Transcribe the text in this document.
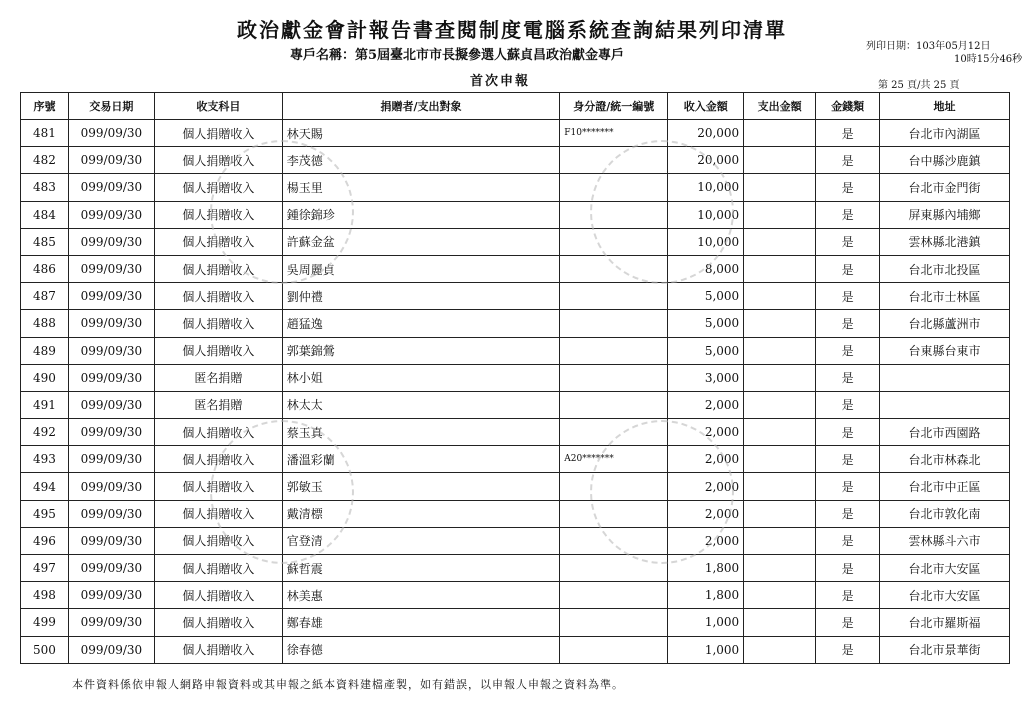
政治獻金會計報告書查閱制度電腦系統查詢結果列印清單
專戶名稱：第5屆臺北市市長擬參選人蘇貞昌政治獻金專戶
首次申報
列印日期：103年05月12日
10時15分46秒
第 25 頁/共 25 頁
序號	交易日期	收支科目	捐贈者/支出對象	身分證/統一編號	收入金額	支出金額	金錢類	地址
481	099/09/30	個人捐贈收入	林天賜	F10*******	20,000		是	台北市內湖區
482	099/09/30	個人捐贈收入	李茂德		20,000		是	台中縣沙鹿鎮
483	099/09/30	個人捐贈收入	楊玉里		10,000		是	台北市金門街
484	099/09/30	個人捐贈收入	鍾徐錦珍		10,000		是	屏東縣內埔鄉
485	099/09/30	個人捐贈收入	許蘇金盆		10,000		是	雲林縣北港鎮
486	099/09/30	個人捐贈收入	吳周麗貞		8,000		是	台北市北投區
487	099/09/30	個人捐贈收入	劉仲禮		5,000		是	台北市士林區
488	099/09/30	個人捐贈收入	趙猛逸		5,000		是	台北縣蘆洲市
489	099/09/30	個人捐贈收入	郭葉錦鶯		5,000		是	台東縣台東市
490	099/09/30	匿名捐贈	林小姐		3,000		是	
491	099/09/30	匿名捐贈	林太太		2,000		是	
492	099/09/30	個人捐贈收入	蔡玉真		2,000		是	台北市西園路
493	099/09/30	個人捐贈收入	潘溫彩蘭	A20*******	2,000		是	台北市林森北
494	099/09/30	個人捐贈收入	郭敏玉		2,000		是	台北市中正區
495	099/09/30	個人捐贈收入	戴清標		2,000		是	台北市敦化南
496	099/09/30	個人捐贈收入	官登清		2,000		是	雲林縣斗六市
497	099/09/30	個人捐贈收入	蘇哲震		1,800		是	台北市大安區
498	099/09/30	個人捐贈收入	林美惠		1,800		是	台北市大安區
499	099/09/30	個人捐贈收入	鄭春雄		1,000		是	台北市羅斯福
500	099/09/30	個人捐贈收入	徐春德		1,000		是	台北市景華街
本件資料係依申報人網路申報資料或其申報之紙本資料建檔產製，如有錯誤，以申報人申報之資料為準。
